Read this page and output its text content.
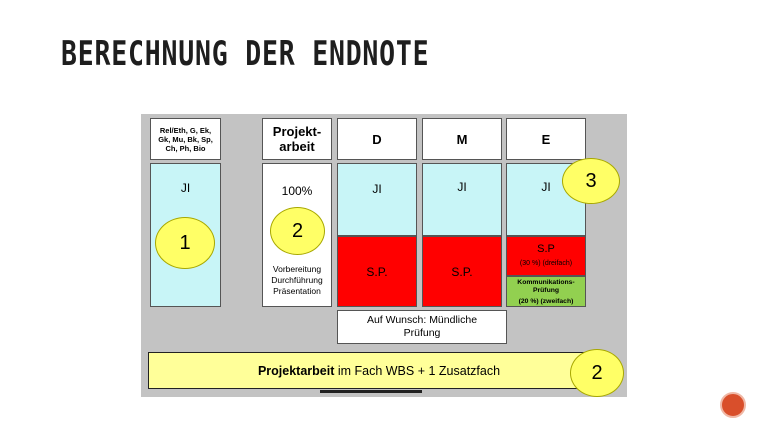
BERECHNUNG DER ENDNOTE
Rel/Eth, G, Ek, Gk, Mu, Bk, Sp, Ch, Ph, Bio
JI
Projekt-
arbeit
100%
Vorbereitung
Durchführung
Präsentation
D
JI
S.P.
M
JI
S.P.
E
JI
S.P
(30 %) (dreifach)
Kommunikations-
Prüfung
(20 %) (zweifach)
Auf Wunsch: Mündliche
Prüfung
Projektarbeit im Fach WBS + 1 Zusatzfach
1
2
3
2
